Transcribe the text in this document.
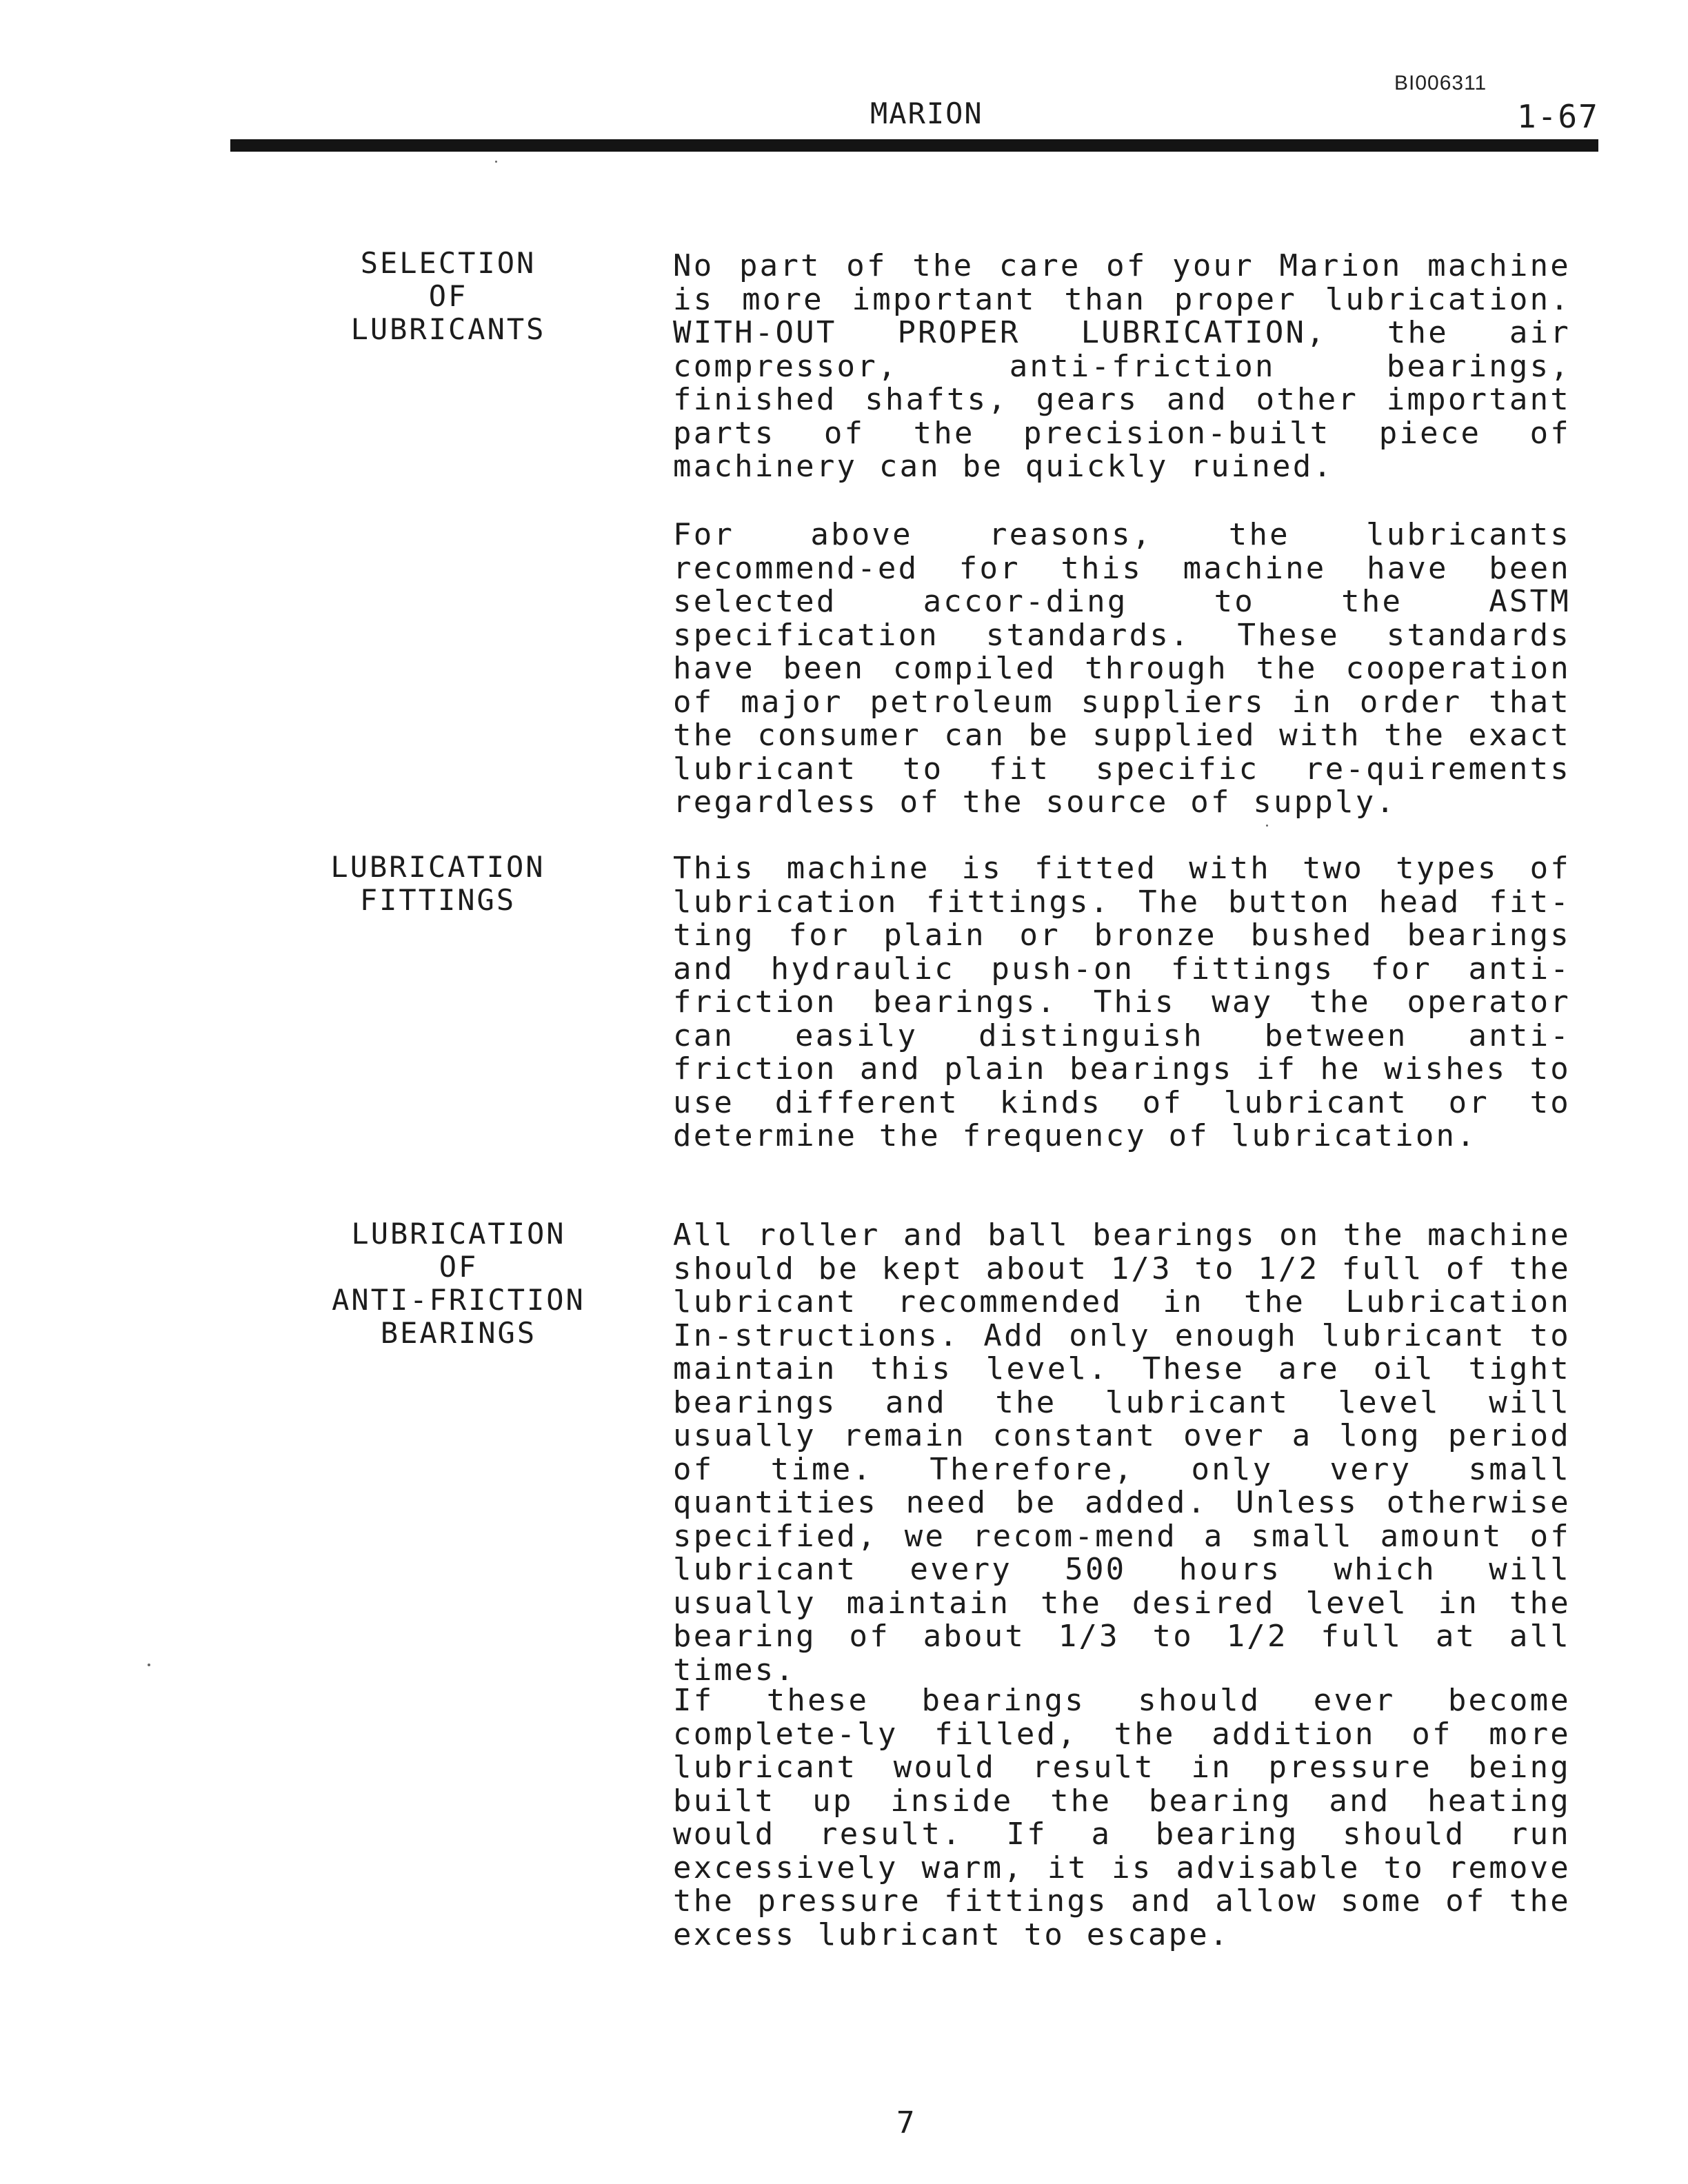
BI006311
MARION	1-67
SELECTION
OF
LUBRICANTS

No part of the care of your Marion machine is more important than proper lubrication. WITH-OUT PROPER LUBRICATION, the air compressor, anti-friction bearings, finished shafts, gears and other important parts of the precision-built piece of machinery can be quickly ruined.

For above reasons, the lubricants recommend-ed for this machine have been selected accor-ding to the ASTM specification standards. These standards have been compiled through the cooperation of major petroleum suppliers in order that the consumer can be supplied with the exact lubricant to fit specific re-quirements regardless of the source of supply.

LUBRICATION
FITTINGS

This machine is fitted with two types of lubrication fittings. The button head fit-ting for plain or bronze bushed bearings and hydraulic push-on fittings for anti-friction bearings. This way the operator can easily distinguish between anti-friction and plain bearings if he wishes to use different kinds of lubricant or to determine the frequency of lubrication.

LUBRICATION
OF
ANTI-FRICTION
BEARINGS

All roller and ball bearings on the machine should be kept about 1/3 to 1/2 full of the lubricant recommended in the Lubrication In-structions. Add only enough lubricant to maintain this level. These are oil tight bearings and the lubricant level will usually remain constant over a long period of time. Therefore, only very small quantities need be added. Unless otherwise specified, we recom-mend a small amount of lubricant every 500 hours which will usually maintain the desired level in the bearing of about 1/3 to 1/2 full at all times.

If these bearings should ever become complete-ly filled, the addition of more lubricant would result in pressure being built up inside the bearing and heating would result. If a bearing should run excessively warm, it is advisable to remove the pressure fittings and allow some of the excess lubricant to escape.

7
